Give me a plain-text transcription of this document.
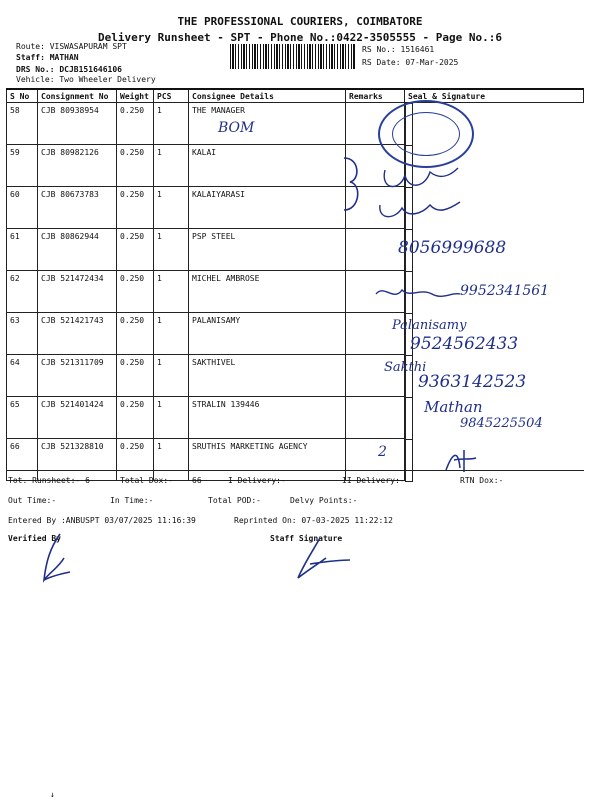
THE PROFESSIONAL COURIERS, COIMBATORE
Delivery Runsheet - SPT - Phone No.:0422-3505555 - Page No.:6
Route: VISWASAPURAM SPT
Staff: MATHAN
DRS No.: DCJB151646106
Vehicle: Two Wheeler Delivery
RS No.: 1516461
RS Date: 07-Mar-2025
S No	Consignment No	Weight	PCS	Consignee Details	Remarks	Seal & Signature
58	CJB 80938954	0.250	1	THE MANAGER		

59	CJB 80982126	0.250	1	KALAI		

60	CJB 80673783	0.250	1	KALAIYARASI		

61	CJB 80862944	0.250	1	PSP STEEL		

62	CJB 521472434	0.250	1	MICHEL AMBROSE		

63	CJB 521421743	0.250	1	PALANISAMY		

64	CJB 521311709	0.250	1	SAKTHIVEL		

65	CJB 521401424	0.250	1	STRALIN 139446		

66	CJB 521328810	0.250	1	SRUTHIS MARKETING AGENCY		
BOM
8056999688
9952341561
Palanisamy
9524562433
Sakthi
9363142523
Mathan
9845225504
2
Tot. Runsheet:- 6	Total Dox:- 66	I Delivery:-	II Delivery:-	RTN Dox:-
Out Time:-	In Time:-	Total POD:-	Delvy Points:-
Entered By :ANBUSPT 03/07/2025 11:16:39	Reprinted On: 07-03-2025 11:22:12
Verified By	Staff Signature
↓
